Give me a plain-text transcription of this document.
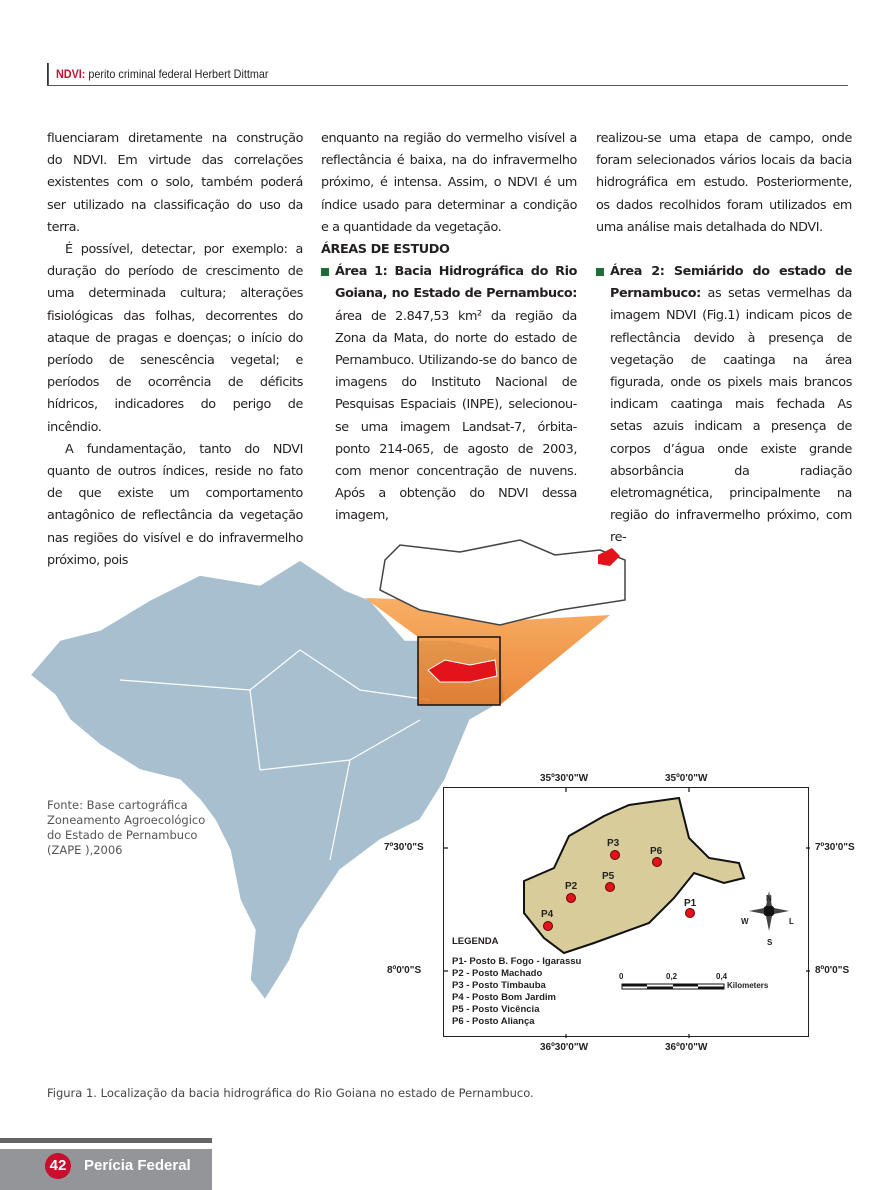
NDVI: perito criminal federal Herbert Dittmar

fluenciaram diretamente na construção do NDVI. Em virtude das correlações existentes com o solo, também poderá ser utilizado na classificação do uso da terra.

É possível, detectar, por exemplo: a duração do período de crescimento de uma determinada cultura; alterações fisiológicas das folhas, decorrentes do ataque de pragas e doenças; o início do período de senescência vegetal; e períodos de ocorrência de déficits hídricos, indicadores do perigo de incêndio.

A fundamentação, tanto do NDVI quanto de outros índices, reside no fato de que existe um comportamento antagônico de reflectância da vegetação nas regiões do visível e do infravermelho próximo, pois

enquanto na região do vermelho visível a reflectância é baixa, na do infravermelho próximo, é intensa. Assim, o NDVI é um índice usado para determinar a condição e a quantidade da vegetação.

ÁREAS DE ESTUDO

Área 1: Bacia Hidrográfica do Rio Goiana, no Estado de Pernambuco: área de 2.847,53 km² da região da Zona da Mata, do norte do estado de Pernambuco. Utilizando-se do banco de imagens do Instituto Nacional de Pesquisas Espaciais (INPE), selecionou-se uma imagem Landsat-7, órbita-ponto 214-065, de agosto de 2003, com menor concentração de nuvens. Após a obtenção do NDVI dessa imagem,

realizou-se uma etapa de campo, onde foram selecionados vários locais da bacia hidrográfica em estudo. Posteriormente, os dados recolhidos foram utilizados em uma análise mais detalhada do NDVI.

Área 2: Semiárido do estado de Pernambuco: as setas vermelhas da imagem NDVI (Fig.1) indicam picos de reflectância devido à presença de vegetação de caatinga na área figurada, onde os pixels mais brancos indicam caatinga mais fechada As setas azuis indicam a presença de corpos d’água onde existe grande absorbância da radiação eletromagnética, principalmente na região do infravermelho próximo, com re-

Fonte: Base cartográfica
Zoneamento Agroecológico
do Estado de Pernambuco
(ZAPE ),2006
35º30'0"W	35º0'0"W
36º30'0"W	36º0'0"W
7º30'0"S
8º0'0"S
7º30'0"S
8º0'0"S
P1
P2
P3
P4
P5
P6
N
S
W	L
0	0,2	0,4
Kilometers
LEGENDA
P1- Posto B. Fogo - Igarassu
P2 - Posto Machado
P3 - Posto Timbauba
P4 - Posto Bom Jardim
P5 - Posto Vicência
P6 - Posto Aliança
Figura 1. Localização da bacia hidrográfica do Rio Goiana no estado de Pernambuco.
42	Perícia Federal
